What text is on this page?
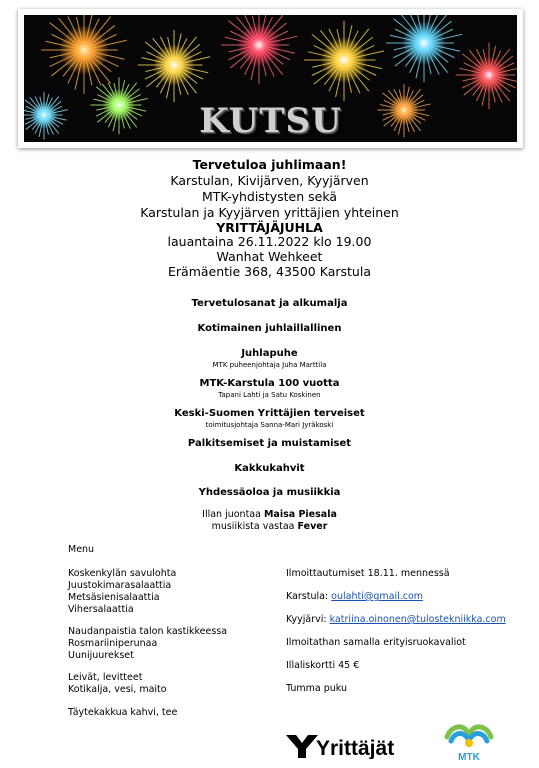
KUTSU
Tervetuloa juhlimaan!
Karstulan, Kivijärven, Kyyjärven
MTK-yhdistysten sekä
Karstulan ja Kyyjärven yrittäjien yhteinen
YRITTÄJÄJUHLA
lauantaina 26.11.2022 klo 19.00
Wanhat Wehkeet
Erämäentie 368, 43500 Karstula
Tervetulosanat ja alkumalja
Kotimainen juhlaillallinen
Juhlapuhe
MTK puheenjohtaja Juha Marttila
MTK-Karstula 100 vuotta
Tapani Lahti ja Satu Koskinen
Keski-Suomen Yrittäjien terveiset
toimitusjohtaja Sanna-Mari Jyräkoski
Palkitsemiset ja muistamiset
Kakkukahvit
Yhdessäoloa ja musiikkia
Illan juontaa Maisa Piesala
musiikista vastaa Fever
Menu
Koskenkylän savulohta
Juustokimarasalaattia
Metsäsienisalaattia
Vihersalaattia
Naudanpaistia talon kastikkeessa
Rosmariiniperunaa
Uunijuurekset
Leivät, levitteet
Kotikalja, vesi, maito
Täytekakkua kahvi, tee
Ilmoittautumiset 18.11. mennessä
Karstula: oulahti@gmail.com
Kyyjärvi: katriina.oinonen@tulostekniikka.com
Ilmoitathan samalla erityisruokavaliot
Illaliskortti 45 €
Tumma puku
Yrittäjät	MTK
